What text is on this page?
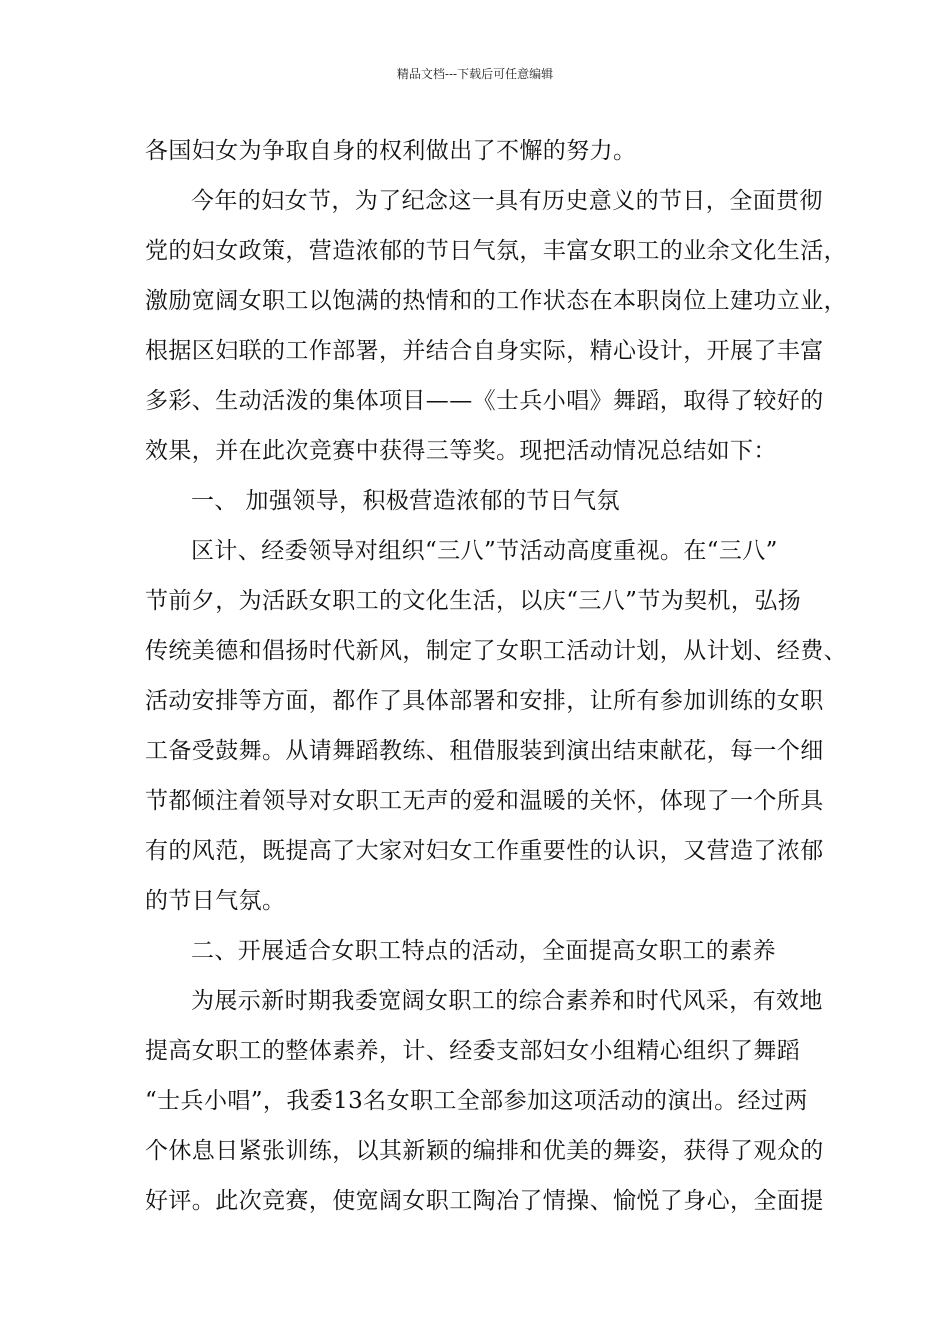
精品文档---下载后可任意编辑
各国妇女为争取自身的权利做出了不懈的努力。
今年的妇女节，为了纪念这一具有历史意义的节日，全面贯彻
党的妇女政策，营造浓郁的节日气氛，丰富女职工的业余文化生活，
激励宽阔女职工以饱满的热情和的工作状态在本职岗位上建功立业，
根据区妇联的工作部署，并结合自身实际，精心设计，开展了丰富
多彩、生动活泼的集体项目——《士兵小唱》舞蹈，取得了较好的
效果，并在此次竞赛中获得三等奖。现把活动情况总结如下：
一、 加强领导，积极营造浓郁的节日气氛
区计、经委领导对组织“三八”节活动高度重视。在“三八”
节前夕，为活跃女职工的文化生活，以庆“三八”节为契机，弘扬
传统美德和倡扬时代新风，制定了女职工活动计划，从计划、经费、
活动安排等方面，都作了具体部署和安排，让所有参加训练的女职
工备受鼓舞。从请舞蹈教练、租借服装到演出结束献花，每一个细
节都倾注着领导对女职工无声的爱和温暖的关怀，体现了一个所具
有的风范，既提高了大家对妇女工作重要性的认识，又营造了浓郁
的节日气氛。
二、开展适合女职工特点的活动，全面提高女职工的素养
为展示新时期我委宽阔女职工的综合素养和时代风采，有效地
提高女职工的整体素养，计、经委支部妇女小组精心组织了舞蹈
“士兵小唱”，我委13名女职工全部参加这项活动的演出。经过两
个休息日紧张训练，以其新颖的编排和优美的舞姿，获得了观众的
好评。此次竞赛，使宽阔女职工陶冶了情操、愉悦了身心，全面提
